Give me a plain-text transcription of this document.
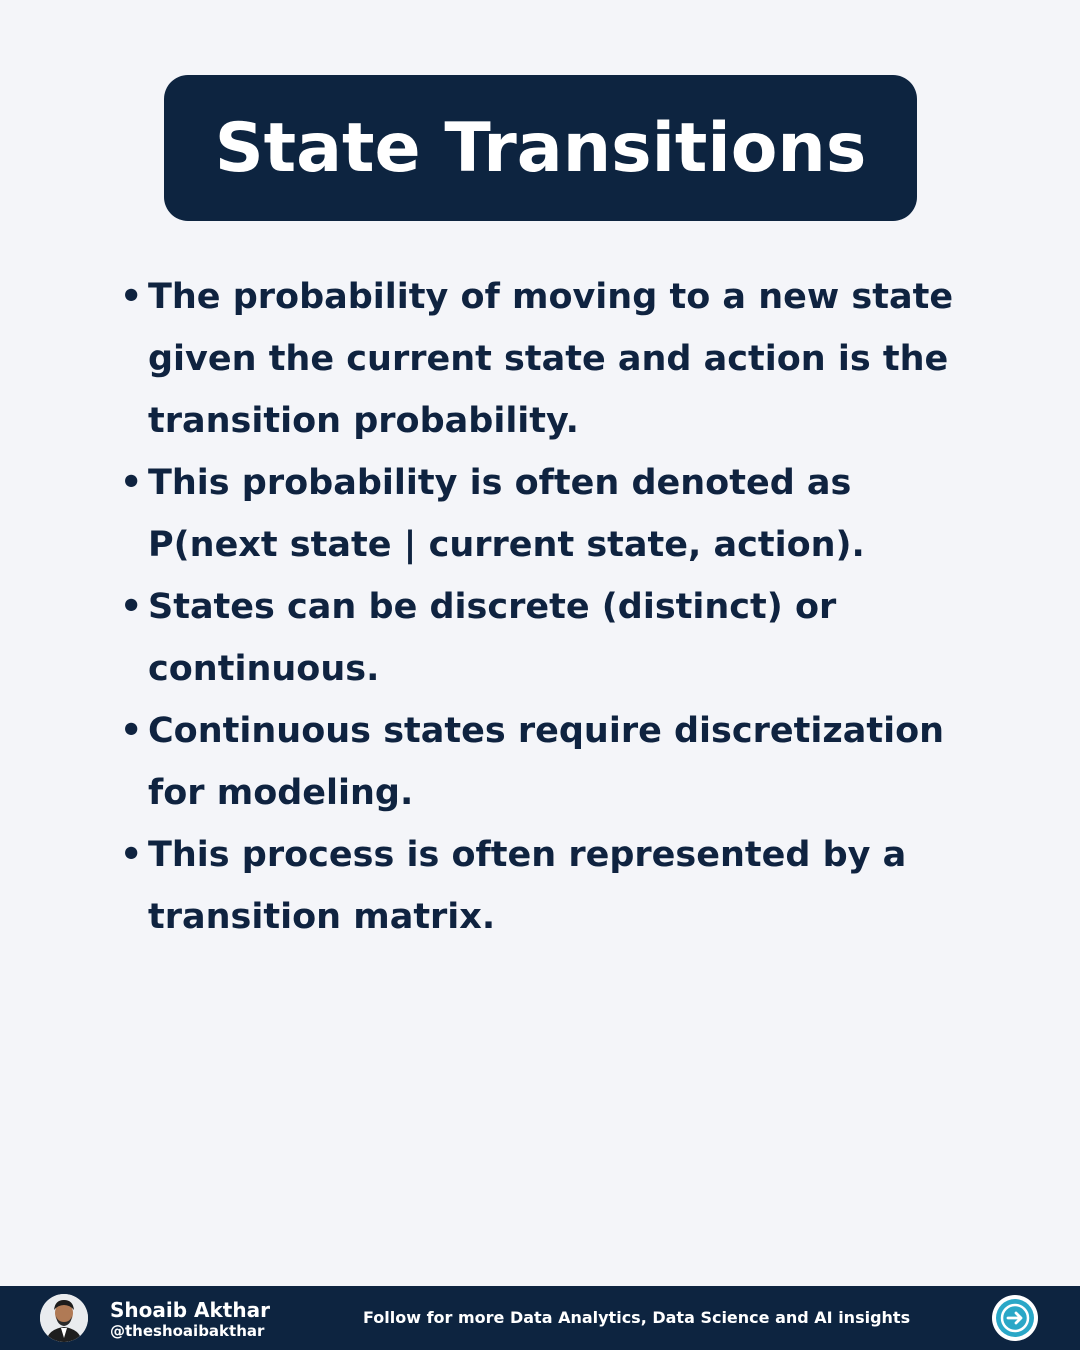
State Transitions
• The probability of moving to a new state given the current state and action is the transition probability.
• This probability is often denoted as P(next state | current state, action).
• States can be discrete (distinct) or continuous.
• Continuous states require discretization for modeling.
• This process is often represented by a transition matrix.
Shoaib Akthar
@theshoaibakthar
Follow for more Data Analytics, Data Science and AI insights
